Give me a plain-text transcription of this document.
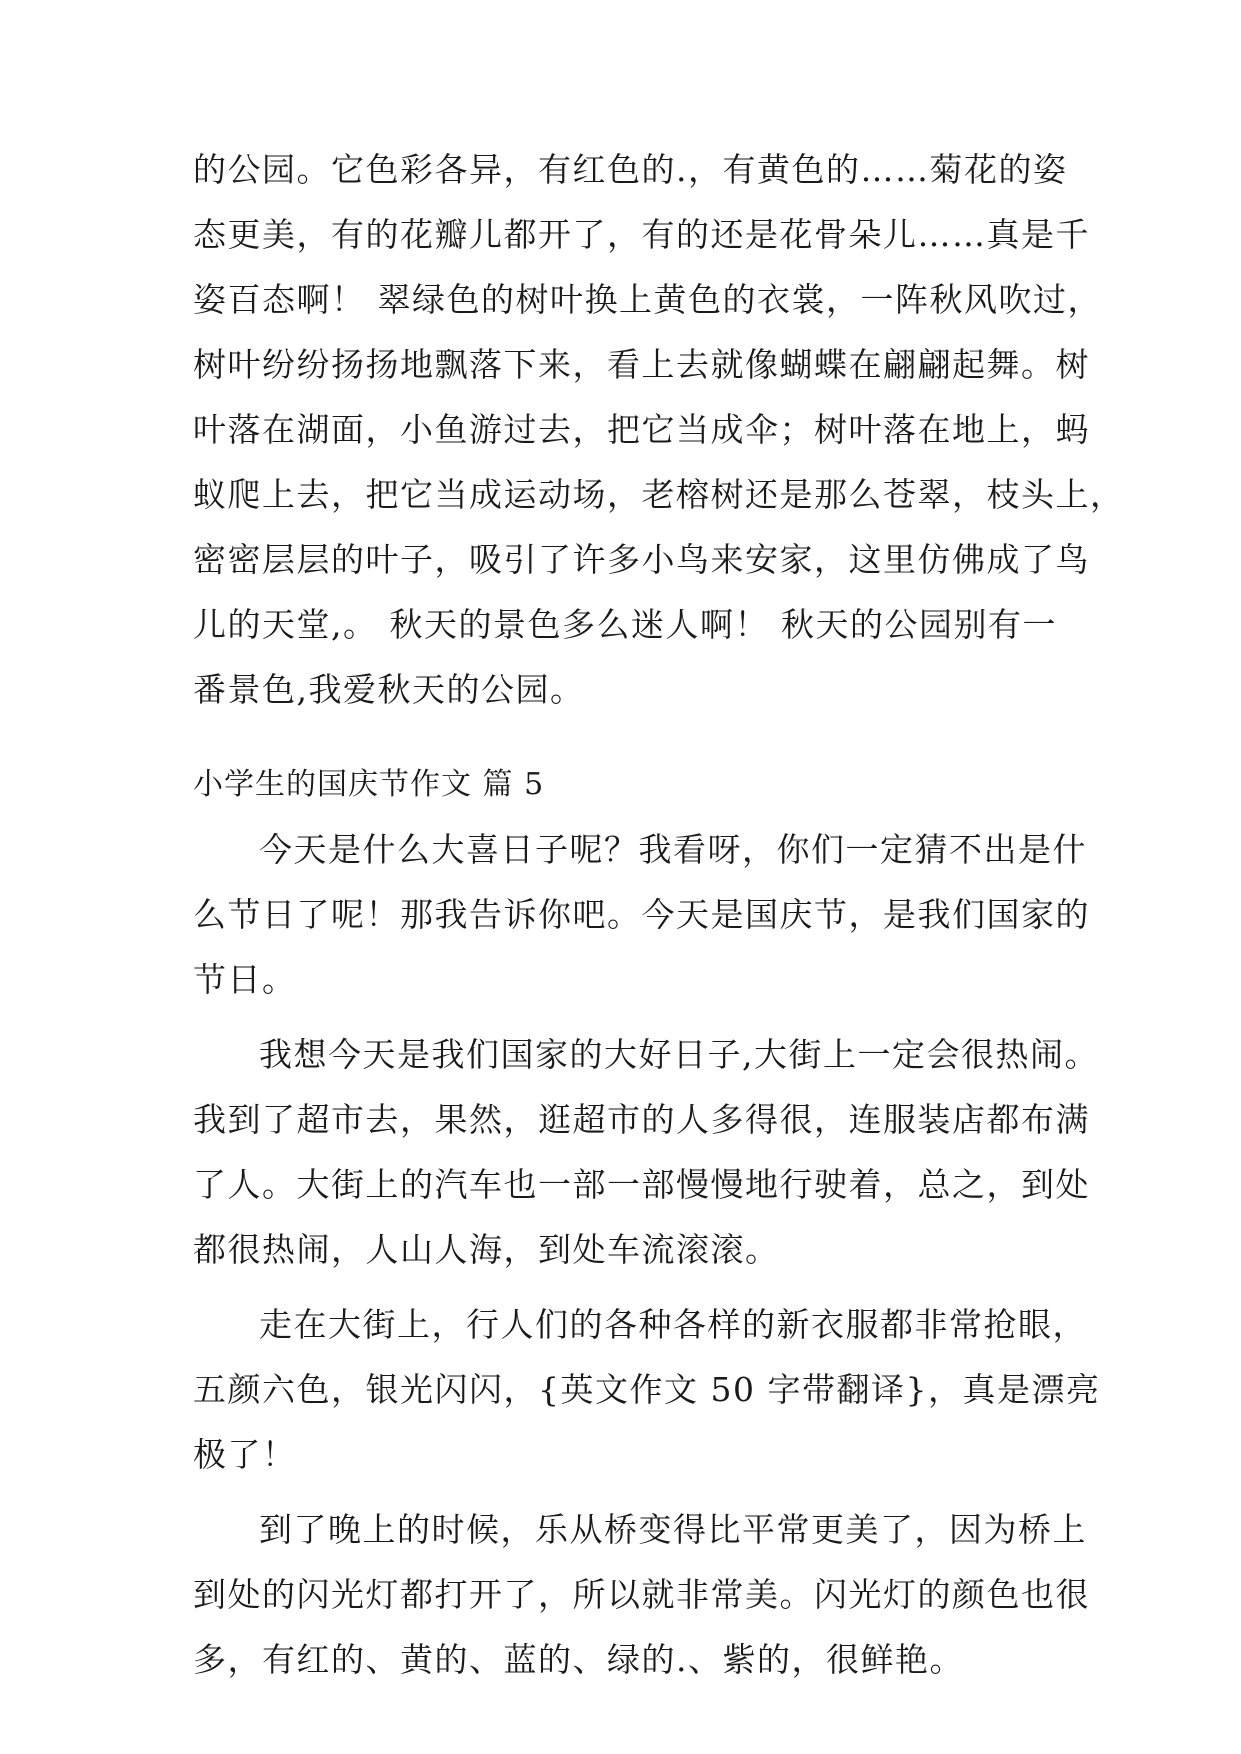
的公园。它色彩各异，有红色的.，有黄色的……菊花的姿
态更美，有的花瓣儿都开了，有的还是花骨朵儿……真是千
姿百态啊！ 翠绿色的树叶换上黄色的衣裳，一阵秋风吹过，
树叶纷纷扬扬地飘落下来，看上去就像蝴蝶在翩翩起舞。树
叶落在湖面，小鱼游过去，把它当成伞；树叶落在地上，蚂
蚁爬上去，把它当成运动场，老榕树还是那么苍翠，枝头上，
密密层层的叶子，吸引了许多小鸟来安家，这里仿佛成了鸟
儿的天堂,。 秋天的景色多么迷人啊！ 秋天的公园别有一
番景色,我爱秋天的公园。
小学生的国庆节作文 篇 5
今天是什么大喜日子呢？我看呀，你们一定猜不出是什
么节日了呢！那我告诉你吧。今天是国庆节，是我们国家的
节日。
我想今天是我们国家的大好日子,大街上一定会很热闹。
我到了超市去，果然，逛超市的人多得很，连服装店都布满
了人。大街上的汽车也一部一部慢慢地行驶着，总之，到处
都很热闹，人山人海，到处车流滚滚。
走在大街上，行人们的各种各样的新衣服都非常抢眼，
五颜六色，银光闪闪，{英文作文 50 字带翻译}，真是漂亮
极了！
到了晚上的时候，乐从桥变得比平常更美了，因为桥上
到处的闪光灯都打开了，所以就非常美。闪光灯的颜色也很
多，有红的、黄的、蓝的、绿的.、紫的，很鲜艳。
